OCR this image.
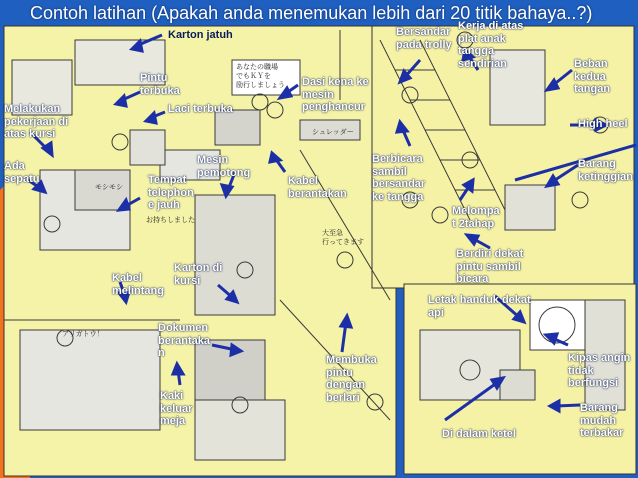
Contoh latihan (Apakah anda menemukan lebih dari 20 titik bahaya..?)
あなたの職場
でもＫＹを
励行しましょう
シュレッダー
アリガトウ！
モシモシ
お持ちしました
大至急
行ってきます
Karton jatuh
Pintu
terbuka
Laci terbuka
Melakukan
pekerjaan di
atas kursi
Ada
sepatu	Tempat
telephon
e jauh
Mesin
pemotong
Dasi kena ke
mesin
penghancur
Kabel
berantakan
Kabel
melintang
Karton di
kursi
Dokumen
berantaka
n
Kaki
keluar
meja
Membuka
pintu
dengan
berlari
Bersandar
pada trolly
Kerja di atas
plat anak
tangga
sendirian	Beban kedua
tangan
High heel
Berbicara
sambil
bersandar
ke tangga
Barang
ketinggian
Melompa
t 2tahap
Berdiri dekat
pintu sambil
bicara
Letak handuk dekat
api
Kipas angin
tidak
berfungsi
Barang mudah
terbakar
Di dalam ketel
